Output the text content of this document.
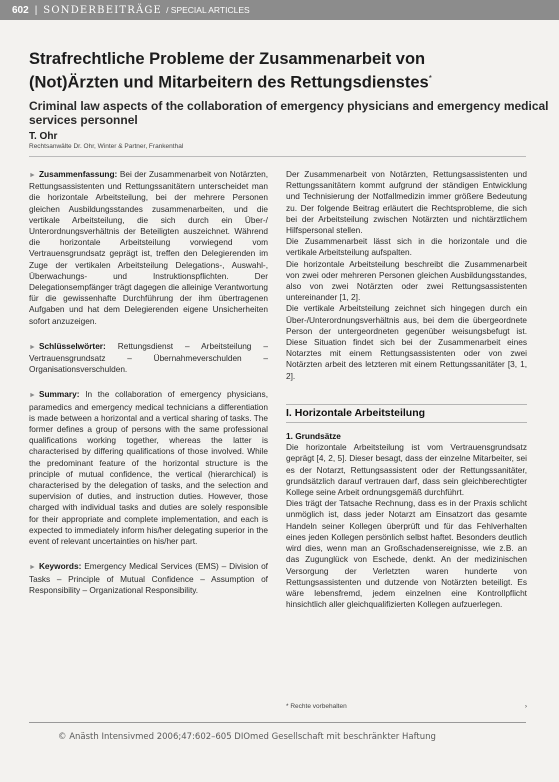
602 | SONDERBEITRÄGE / SPECIAL ARTICLES
Strafrechtliche Probleme der Zusammenarbeit von
(Not)Ärzten und Mitarbeitern des Rettungsdienstes*
Criminal law aspects of the collaboration of emergency physicians and emergency medical services personnel
T. Ohr
Rechtsanwälte Dr. Ohr, Winter & Partner, Frankenthal

► Zusammenfassung: Bei der Zusammenarbeit von Notärzten, Rettungsassistenten und Rettungssanitätern unterscheidet man die horizontale Arbeitsteilung, bei der mehrere Personen gleichen Ausbildungsstandes zusammenarbeiten, und die vertikale Arbeitsteilung, die sich durch ein Über-/ Unterordnungsverhältnis der Beteiligten auszeichnet. Während die horizontale Arbeitsteilung vorwiegend vom Vertrauensgrundsatz geprägt ist, treffen den Delegierenden im Zuge der vertikalen Arbeitsteilung Delegations-, Auswahl-, Überwachungs- und Instruktionspflichten. Der Delegationsempfänger trägt dagegen die alleinige Verantwortung für die gewissenhafte Durchführung der ihm übertragenen Aufgaben und hat dem Delegierenden eigene Unsicherheiten sofort anzuzeigen.

► Schlüsselwörter: Rettungsdienst – Arbeitsteilung – Vertrauensgrundsatz – Übernahmeverschulden – Organisationsverschulden.

► Summary: In the collaboration of emergency physicians, paramedics and emergency medical technicians a differentiation is made between a horizontal and a vertical sharing of tasks. The former defines a group of persons with the same professional qualifications working together, whereas the latter is characterised by differing qualifications of those involved. While the predominant feature of the horizontal structure is the principle of mutual confidence, the vertical (hierarchical) is characterised by the delegation of tasks, and the selection and supervision of duties, and instruction duties. However, those charged with individual tasks and duties are solely responsible for their appropriate and complete implementation, and each is expected to immediately inform his/her delegating superior in the event of relevant uncertainties on his/her part.

► Keywords: Emergency Medical Services (EMS) – Division of Tasks – Principle of Mutual Confidence – Assumption of Responsibility – Organizational Responsibility.

Der Zusammenarbeit von Notärzten, Rettungsassistenten und Rettungssanitätern kommt aufgrund der ständigen Entwicklung und Technisierung der Notfallmedizin immer größere Bedeutung zu. Der folgende Beitrag erläutert die Rechtsprobleme, die sich bei der Arbeitsteilung zwischen Notärzten und nichtärztlichem Hilfspersonal stellen.

Die Zusammenarbeit lässt sich in die horizontale und die vertikale Arbeitsteilung aufspalten.

Die horizontale Arbeitsteilung beschreibt die Zusammenarbeit von zwei oder mehreren Personen gleichen Ausbildungsstandes, also von zwei Notärzten oder zwei Rettungsassistenten untereinander [1, 2].

Die vertikale Arbeitsteilung zeichnet sich hingegen durch ein Über-/Unterordnungsverhältnis aus, bei dem die übergeordnete Person der untergeordneten gegenüber weisungsbefugt ist. Diese Situation findet sich bei der Zusammenarbeit eines Notarztes mit einem Rettungsassistenten oder von zwei Notärzten arbeit des letzteren mit einem Rettungssanitäter [3, 1, 2].

I. Horizontale Arbeitsteilung

1. Grundsätze

Die horizontale Arbeitsteilung ist vom Vertrauensgrundsatz geprägt [4, 2, 5]. Dieser besagt, dass der einzelne Mitarbeiter, sei es der Notarzt, Rettungsassistent oder der Rettungssanitäter, grundsätzlich darauf vertrauen darf, dass sein gleichberechtigter Kollege seine Arbeit ordnungsgemäß durchführt.

Dies trägt der Tatsache Rechnung, dass es in der Praxis schlicht unmöglich ist, dass jeder Notarzt am Einsatzort das gesamte Handeln seiner Kollegen überprüft und für das Fehlverhalten eines jeden Kollegen persönlich selbst haftet. Besonders deutlich wird dies, wenn man an Großschadensereignisse, wie z.B. an das Zugunglück von Eschede, denkt. An der medizinischen Versorgung der Verletzten waren hunderte von Rettungsassistenten und dutzende von Notärzten beteiligt. Es wäre lebensfremd, jedem einzelnen eine Kontrollpflicht hinsichtlich aller gleichqualifizierten Kollegen aufzuerlegen.

* Rechte vorbehalten	›
© Anästh Intensivmed 2006;47:602–605 DIOmed Gesellschaft mit beschränkter Haftung
